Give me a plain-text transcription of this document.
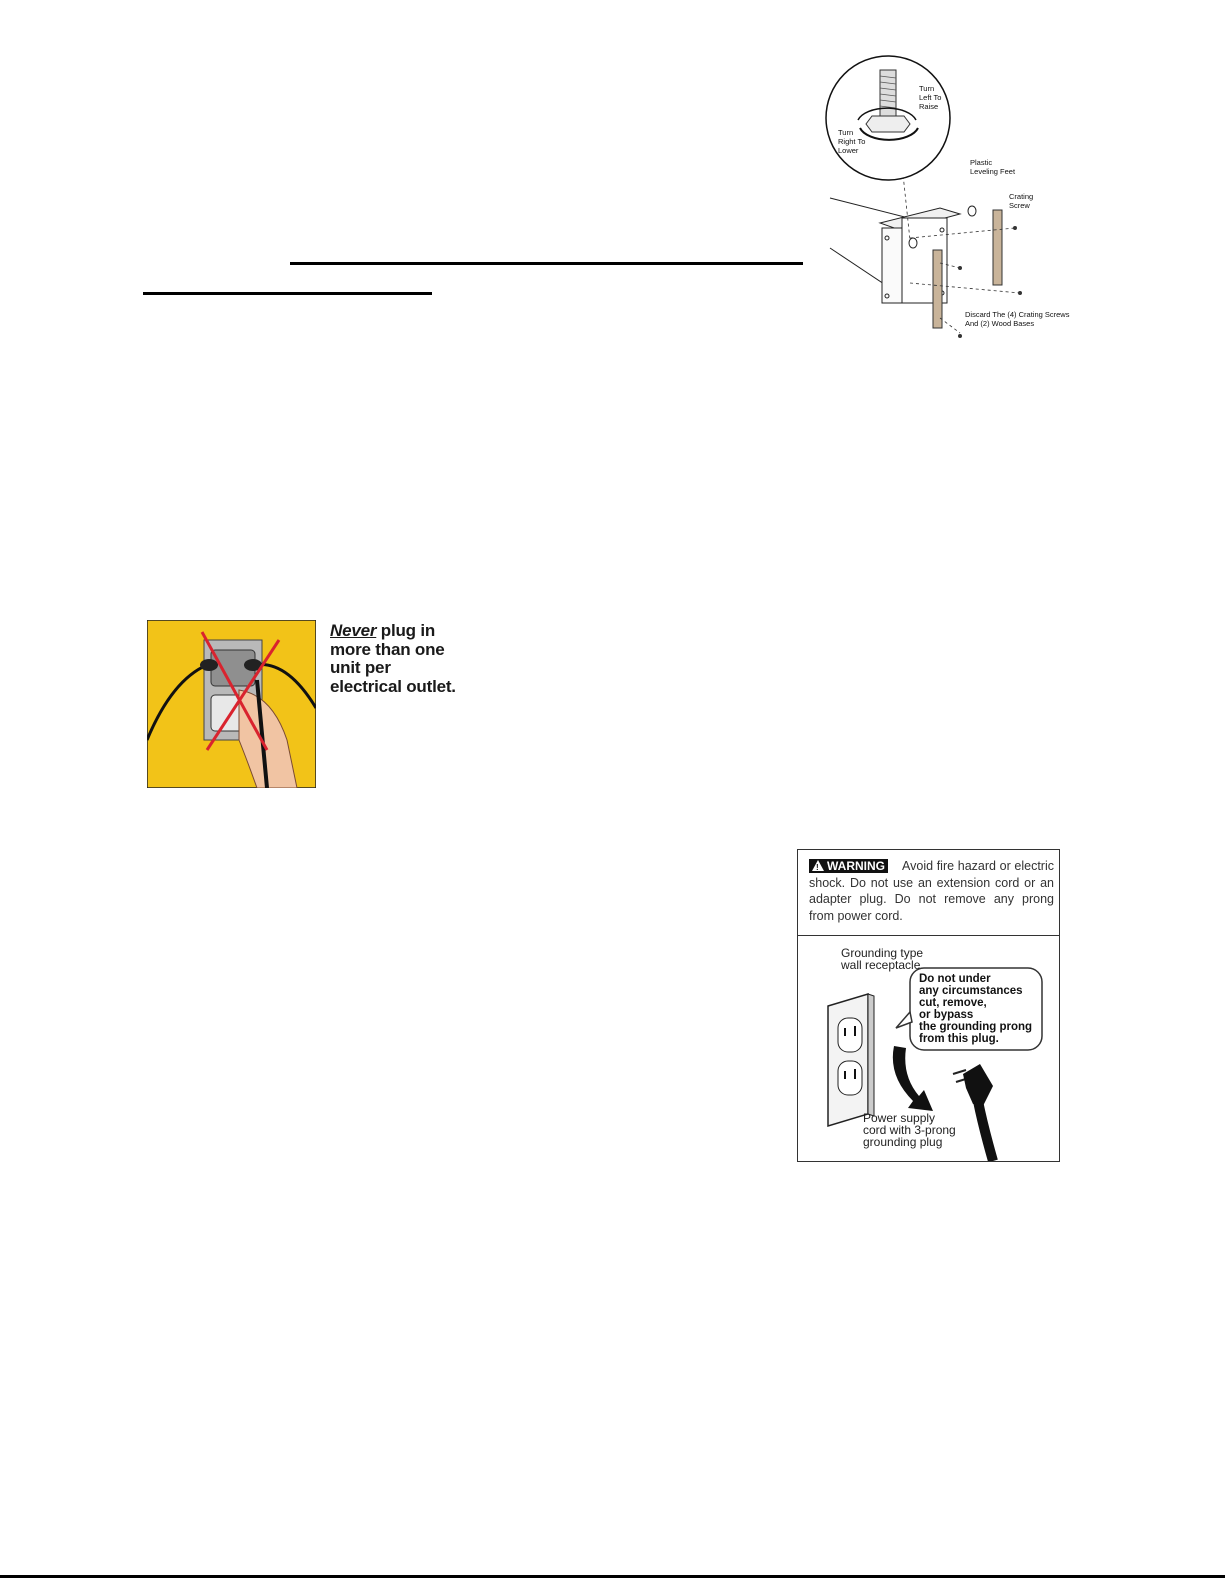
Turn
Left To
Raise
Turn
Right To
Lower
Plastic
Leveling Feet
Crating
Screw
Discard The (4) Crating Screws
And (2) Wood Bases
Never plug in
more than one
unit per
electrical outlet.
!WARNING Avoid fire hazard or electric shock. Do not use an extension cord or an adapter plug. Do not remove any prong from power cord.
Grounding type
wall receptacle
Do not under
any circumstances
cut, remove,
or bypass
the grounding prong
from this plug.
Power supply
cord with 3-prong
grounding plug
